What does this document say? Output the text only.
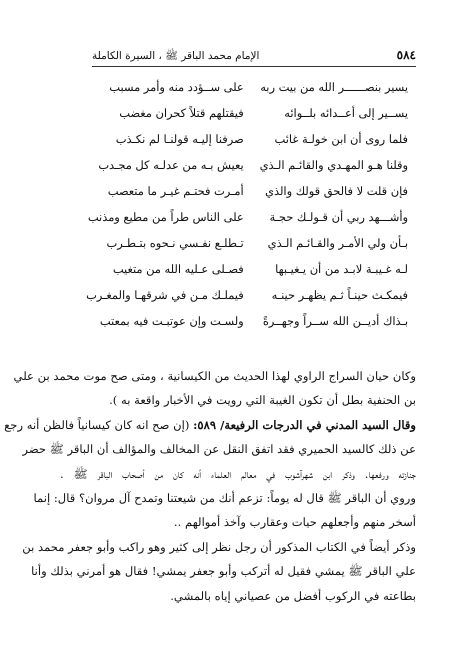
٥٨٤
الإمام محمد الباقر ﷺ ، السيرة الكاملة
يسير بنصــــــر الله من بيت ربه
على ســؤدد منه وأمر مسبب
يســير إلى أعــدائه بلــوائه
فيقتلهم قتلاً كحران مغضب
فلما روى أن ابن خولـة غائب
صرفنا إليـه قولنـا لم نكـذب
وقلنا هـو المهـدي والقائـم الـذي
يعيش بـه من عدلـه كل مجـدب
فإن قلت لا فالحق قولك والذي
أمـرت فحتـم غيـر ما متعصب
وأشـــهد ربي أن قـولـك حجـة
على الناس طراً من مطيع ومذنب
بـأن ولي الأمـر والقـائـم الـذي
تـطلـع نفـسي نـحوه بتـطـرب
لـه غـيبـة لابـد من أن يـغيـبها
فصـلى عـليه الله من متغيب
فيمكـث حينـاً ثـم يظهـر حينـه
فيملـك مـن في شرقهـا والمغـرب
بـذاك أديــن الله ســراً وجهــرةً
ولسـت وإن عوتبـت فيه بمعتب
وكان حيان السراج الراوي لهذا الحديث من الكيسانية ، ومتى صح موت محمد بن علي
بن الحنفية بطل أن تكون الغيبة التي رويت في الأخبار واقعة به ).
وقال السيد المدني في الدرجات الرفيعة/ ٥٨٩: (إن صح انه كان كيسانياً فالظن أنه رجع
عن ذلك كالسيد الحميري فقد اتفق النقل عن المخالف والمؤالف أن الباقر ﷺ حضر
جنازته ورفعها. وذكر ابن شهرآشوب في معالم العلماء أنه كان من أصحاب الباقر ﷺ .
وروي أن الباقر ﷺ قال له يوماً: تزعم أنك من شيعتنا وتمدح آل مروان؟ قال: إنما
أسخر منهم وأجعلهم حيات وعقارب وآخذ أموالهم ..
وذكر أيضاً في الكتاب المذكور أن رجل نظر إلى كثير وهو راكب وأبو جعفر محمد بن
علي الباقر ﷺ يمشي فقيل له أتركب وأبو جعفر يمشي! فقال هو أمرني بذلك وأنا
بطاعته في الركوب أفضل من عصياني إياه بالمشي.
